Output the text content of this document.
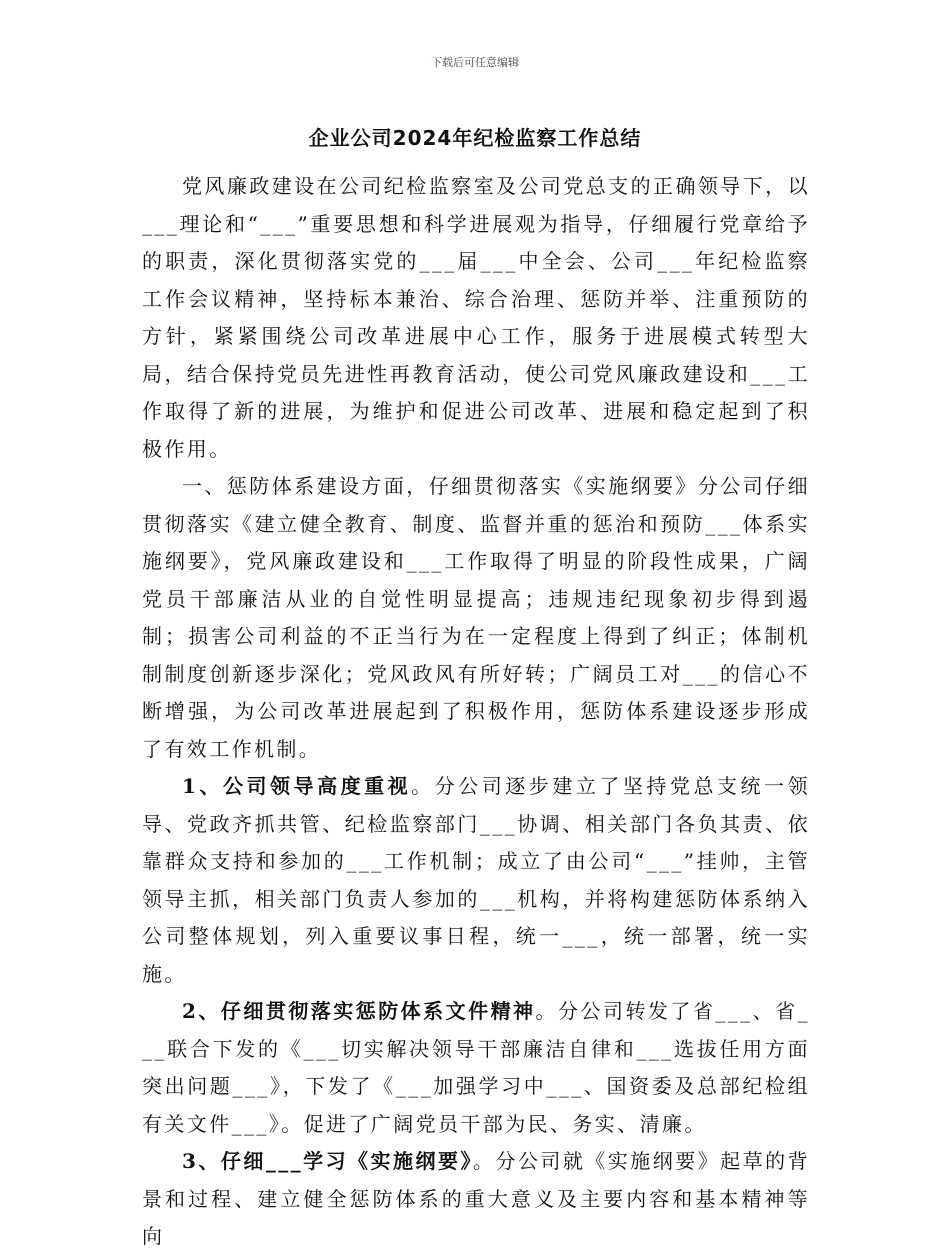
下载后可任意编辑
企业公司2024年纪检监察工作总结

党风廉政建设在公司纪检监察室及公司党总支的正确领导下，以___理论和“___”重要思想和科学进展观为指导，仔细履行党章给予的职责，深化贯彻落实党的___届___中全会、公司___年纪检监察工作会议精神，坚持标本兼治、综合治理、惩防并举、注重预防的方针，紧紧围绕公司改革进展中心工作，服务于进展模式转型大局，结合保持党员先进性再教育活动，使公司党风廉政建设和___工作取得了新的进展，为维护和促进公司改革、进展和稳定起到了积极作用。

一、惩防体系建设方面，仔细贯彻落实《实施纲要》分公司仔细贯彻落实《建立健全教育、制度、监督并重的惩治和预防___体系实施纲要》，党风廉政建设和___工作取得了明显的阶段性成果，广阔党员干部廉洁从业的自觉性明显提高；违规违纪现象初步得到遏制；损害公司利益的不正当行为在一定程度上得到了纠正；体制机制制度创新逐步深化；党风政风有所好转；广阔员工对___的信心不断增强，为公司改革进展起到了积极作用，惩防体系建设逐步形成了有效工作机制。

1、公司领导高度重视。分公司逐步建立了坚持党总支统一领导、党政齐抓共管、纪检监察部门___协调、相关部门各负其责、依靠群众支持和参加的___工作机制；成立了由公司“___”挂帅，主管领导主抓，相关部门负责人参加的___机构，并将构建惩防体系纳入公司整体规划，列入重要议事日程，统一___，统一部署，统一实施。

2、仔细贯彻落实惩防体系文件精神。分公司转发了省___、省___联合下发的《___切实解决领导干部廉洁自律和___选拔任用方面突出问题___》，下发了《___加强学习中___、国资委及总部纪检组有关文件___》。促进了广阔党员干部为民、务实、清廉。

3、仔细___学习《实施纲要》。分公司就《实施纲要》起草的背景和过程、建立健全惩防体系的重大意义及主要内容和基本精神等向
